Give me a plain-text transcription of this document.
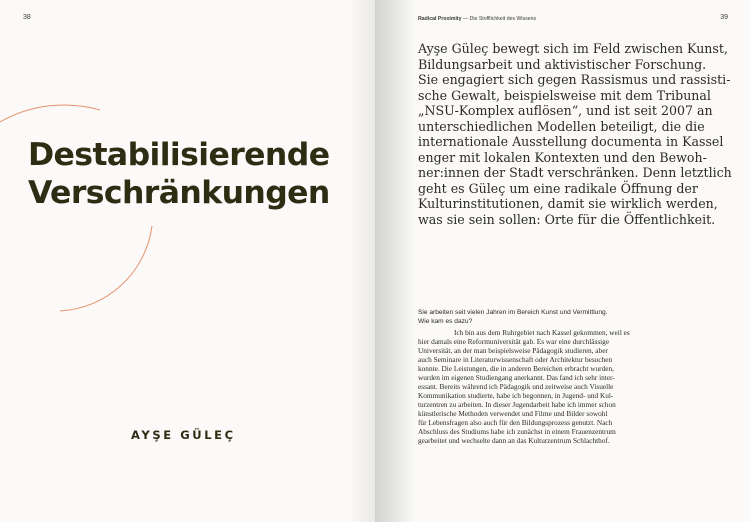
38
Destabilisierende
Verschränkungen
AYŞE GÜLEÇ
Radical Proximity — Die Stofflichkeit des Wissens	39

Ayşe Güleç bewegt sich im Feld zwischen Kunst,
Bildungsarbeit und aktivistischer Forschung.
Sie engagiert sich gegen Rassismus und rassisti-
sche Gewalt, beispielsweise mit dem Tribunal
„NSU-Komplex auflösen“, und ist seit 2007 an
unterschiedlichen Modellen beteiligt, die die
internationale Ausstellung documenta in Kassel
enger mit lokalen Kontexten und den Bewoh-
ner:innen der Stadt verschränken. Denn letztlich
geht es Güleç um eine radikale Öffnung der
Kulturinstitutionen, damit sie wirklich werden,
was sie sein sollen: Orte für die Öffentlichkeit.

Sie arbeiten seit vielen Jahren im Bereich Kunst und Vermittlung.
Wie kam es dazu?

Ich bin aus dem Ruhrgebiet nach Kassel gekommen, weil es
hier damals eine Reformuniversität gab. Es war eine durchlässige
Universität, an der man beispielsweise Pädagogik studieren, aber
auch Seminare in Literaturwissenschaft oder Architektur besuchen
konnte. Die Leistungen, die in anderen Bereichen erbracht wurden,
wurden im eigenen Studiengang anerkannt. Das fand ich sehr inter-
essant. Bereits während ich Pädagogik und zeitweise auch Visuelle
Kommunikation studierte, habe ich begonnen, in Jugend- und Kul-
turzentren zu arbeiten. In dieser Jugendarbeit habe ich immer schon
künstlerische Methoden verwendet und Filme und Bilder sowohl
für Lebensfragen also auch für den Bildungsprozess genutzt. Nach
Abschluss des Studiums habe ich zunächst in einem Frauenzentrum
gearbeitet und wechselte dann an das Kulturzentrum Schlachthof.
